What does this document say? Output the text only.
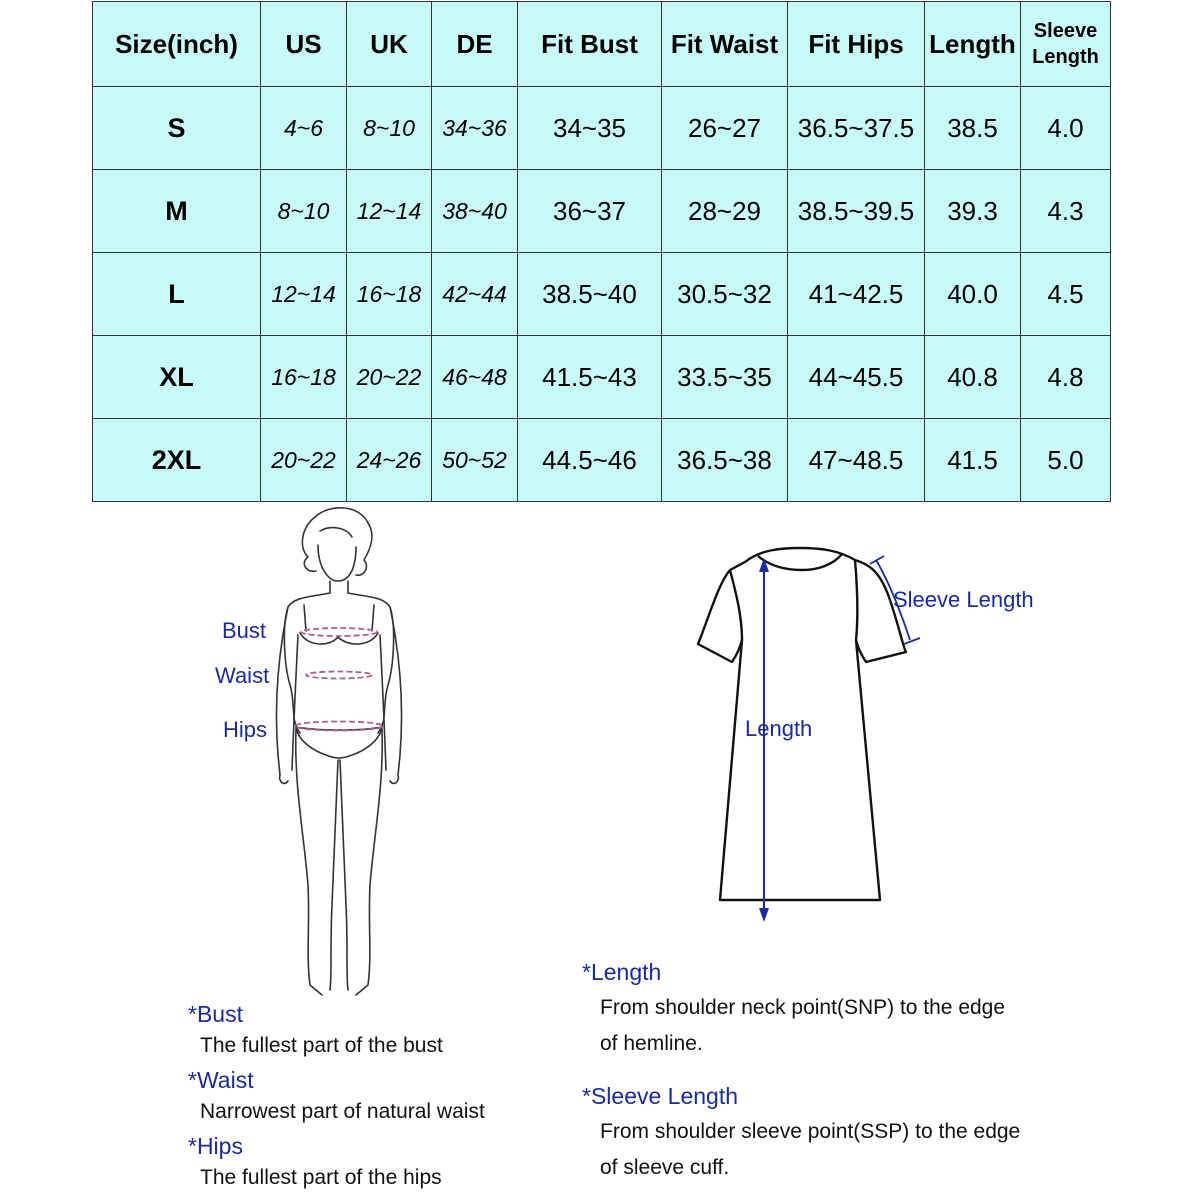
Size(inch)	US	UK	DE	Fit Bust	Fit Waist	Fit Hips	Length	Sleeve
Length
S	4~6	8~10	34~36	34~35	26~27	36.5~37.5	38.5	4.0
M	8~10	12~14	38~40	36~37	28~29	38.5~39.5	39.3	4.3
L	12~14	16~18	42~44	38.5~40	30.5~32	41~42.5	40.0	4.5
XL	16~18	20~22	46~48	41.5~43	33.5~35	44~45.5	40.8	4.8
2XL	20~22	24~26	50~52	44.5~46	36.5~38	47~48.5	41.5	5.0
Bust
Waist
Hips
Sleeve Length
Length
*Bust
The fullest part of the bust
*Waist
Narrowest part of natural waist
*Hips
The fullest part of the hips
*Length
From shoulder neck point(SNP) to the edge
of hemline.
*Sleeve Length
From shoulder sleeve point(SSP) to the edge
of sleeve cuff.
